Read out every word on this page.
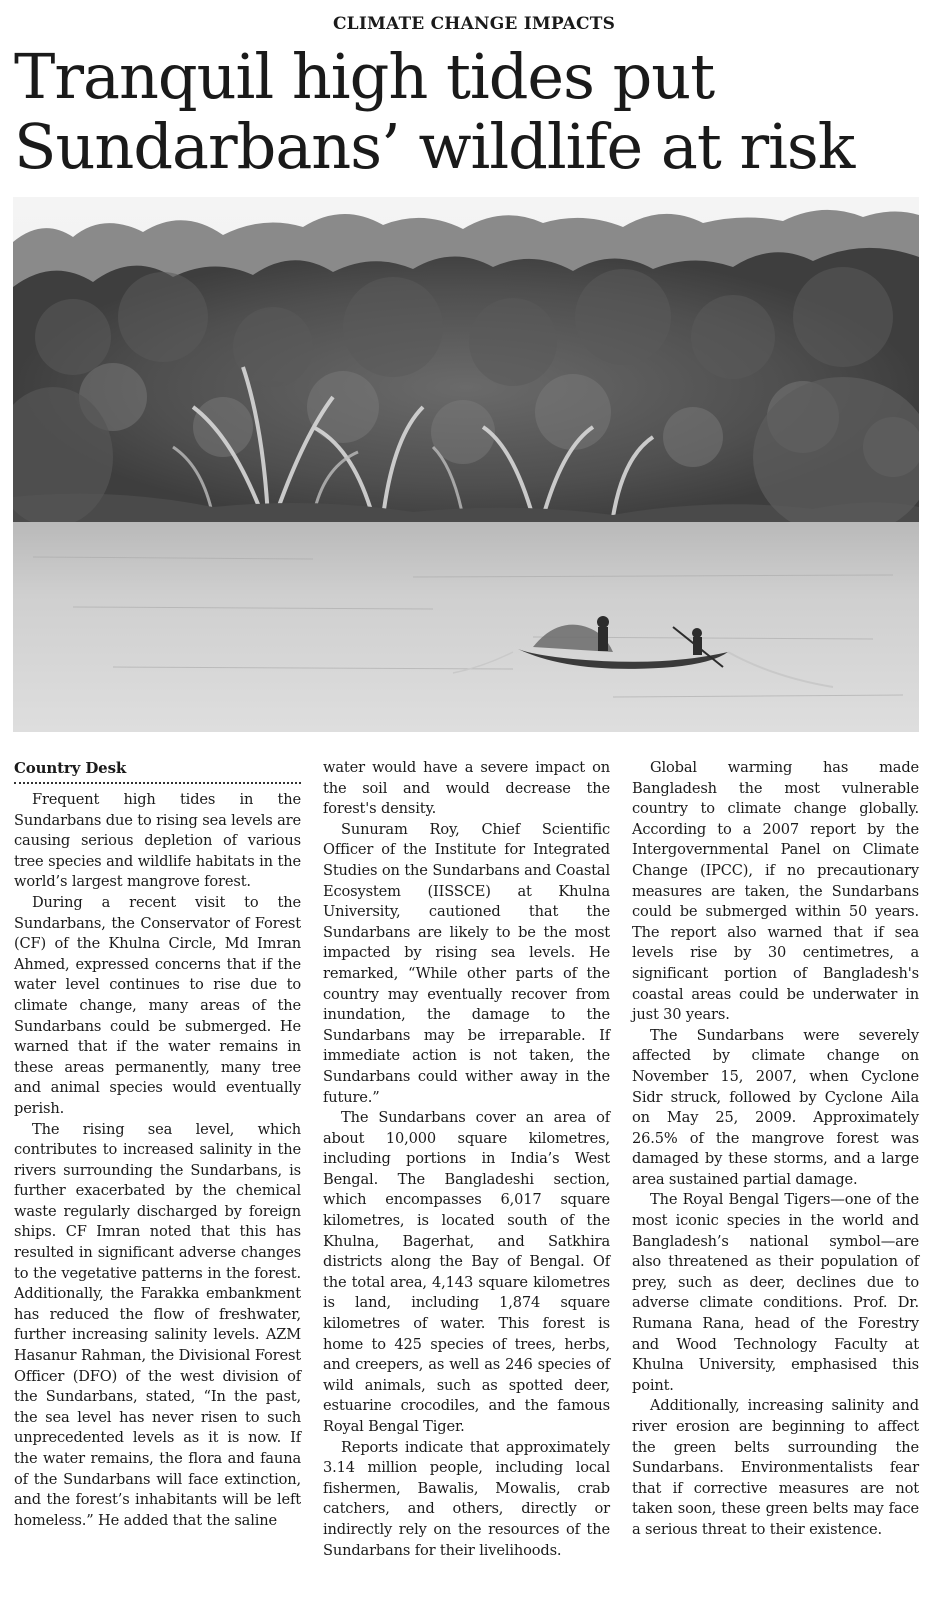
CLIMATE CHANGE IMPACTS
Tranquil high tides put
Sundarbans’ wildlife at risk
Country Desk

Frequent high tides in the Sundarbans due to rising sea levels are causing serious depletion of various tree species and wildlife habitats in the world’s largest mangrove forest.

During a recent visit to the Sundarbans, the Conservator of Forest (CF) of the Khulna Circle, Md Imran Ahmed, expressed concerns that if the water level continues to rise due to climate change, many areas of the Sundarbans could be submerged. He warned that if the water remains in these areas permanently, many tree and animal species would eventually perish.

The rising sea level, which contributes to increased salinity in the rivers surrounding the Sundarbans, is further exacerbated by the chemical waste regularly discharged by foreign ships. CF Imran noted that this has resulted in significant adverse changes to the vegetative patterns in the forest. Additionally, the Farakka embankment has reduced the flow of freshwater, further increasing salinity levels. AZM Hasanur Rahman, the Divisional Forest Officer (DFO) of the west division of the Sundarbans, stated, “In the past, the sea level has never risen to such unprecedented levels as it is now. If the water remains, the flora and fauna of the Sundarbans will face extinction, and the forest’s inhabitants will be left homeless.” He added that the saline

water would have a severe impact on the soil and would decrease the forest's density.

Sunuram Roy, Chief Scientific Officer of the Institute for Integrated Studies on the Sundarbans and Coastal Ecosystem (IISSCE) at Khulna University, cautioned that the Sundarbans are likely to be the most impacted by rising sea levels. He remarked, “While other parts of the country may eventually recover from inundation, the damage to the Sundarbans may be irreparable. If immediate action is not taken, the Sundarbans could wither away in the future.”

The Sundarbans cover an area of about 10,000 square kilometres, including portions in India’s West Bengal. The Bangladeshi section, which encompasses 6,017 square kilometres, is located south of the Khulna, Bagerhat, and Satkhira districts along the Bay of Bengal. Of the total area, 4,143 square kilometres is land, including 1,874 square kilometres of water. This forest is home to 425 species of trees, herbs, and creepers, as well as 246 species of wild animals, such as spotted deer, estuarine crocodiles, and the famous Royal Bengal Tiger.

Reports indicate that approximately 3.14 million people, including local fishermen, Bawalis, Mowalis, crab catchers, and others, directly or indirectly rely on the resources of the Sundarbans for their livelihoods.

Global warming has made Bangladesh the most vulnerable country to climate change globally. According to a 2007 report by the Intergovernmental Panel on Climate Change (IPCC), if no precautionary measures are taken, the Sundarbans could be submerged within 50 years. The report also warned that if sea levels rise by 30 centimetres, a significant portion of Bangladesh's coastal areas could be underwater in just 30 years.

The Sundarbans were severely affected by climate change on November 15, 2007, when Cyclone Sidr struck, followed by Cyclone Aila on May 25, 2009. Approximately 26.5% of the mangrove forest was damaged by these storms, and a large area sustained partial damage.

The Royal Bengal Tigers—one of the most iconic species in the world and Bangladesh’s national symbol—are also threatened as their population of prey, such as deer, declines due to adverse climate conditions. Prof. Dr. Rumana Rana, head of the Forestry and Wood Technology Faculty at Khulna University, emphasised this point.

Additionally, increasing salinity and river erosion are beginning to affect the green belts surrounding the Sundarbans. Environmentalists fear that if corrective measures are not taken soon, these green belts may face a serious threat to their existence.
